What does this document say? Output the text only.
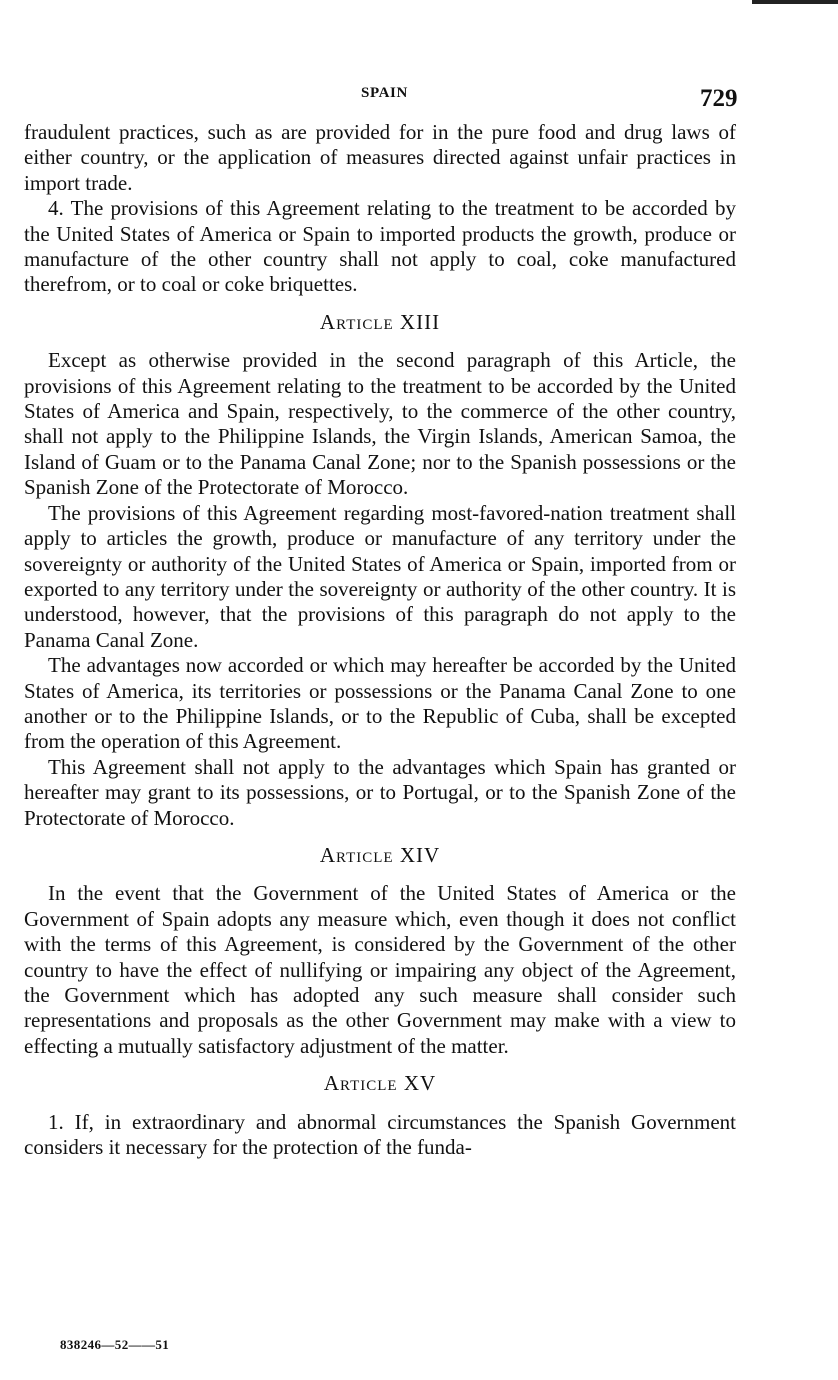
SPAIN	729

fraudulent practices, such as are provided for in the pure food and drug laws of either country, or the application of measures directed against unfair practices in import trade.

4. The provisions of this Agreement relating to the treatment to be accorded by the United States of America or Spain to imported products the growth, produce or manufacture of the other country shall not apply to coal, coke manufactured therefrom, or to coal or coke briquettes.

Article XIII

Except as otherwise provided in the second paragraph of this Article, the provisions of this Agreement relating to the treatment to be accorded by the United States of America and Spain, respectively, to the commerce of the other country, shall not apply to the Philippine Islands, the Virgin Islands, American Samoa, the Island of Guam or to the Panama Canal Zone; nor to the Spanish possessions or the Spanish Zone of the Protectorate of Morocco.

The provisions of this Agreement regarding most-favored-nation treatment shall apply to articles the growth, produce or manufacture of any territory under the sovereignty or authority of the United States of America or Spain, imported from or exported to any territory under the sovereignty or authority of the other country. It is understood, however, that the provisions of this paragraph do not apply to the Panama Canal Zone.

The advantages now accorded or which may hereafter be accorded by the United States of America, its territories or possessions or the Panama Canal Zone to one another or to the Philippine Islands, or to the Republic of Cuba, shall be excepted from the operation of this Agreement.

This Agreement shall not apply to the advantages which Spain has granted or hereafter may grant to its possessions, or to Portugal, or to the Spanish Zone of the Protectorate of Morocco.

Article XIV

In the event that the Government of the United States of America or the Government of Spain adopts any measure which, even though it does not conflict with the terms of this Agreement, is considered by the Government of the other country to have the effect of nullifying or impairing any object of the Agreement, the Government which has adopted any such measure shall consider such representations and proposals as the other Government may make with a view to effecting a mutually satisfactory adjustment of the matter.

Article XV

1. If, in extraordinary and abnormal circumstances the Spanish Government considers it necessary for the protection of the funda-

838246—52——51
